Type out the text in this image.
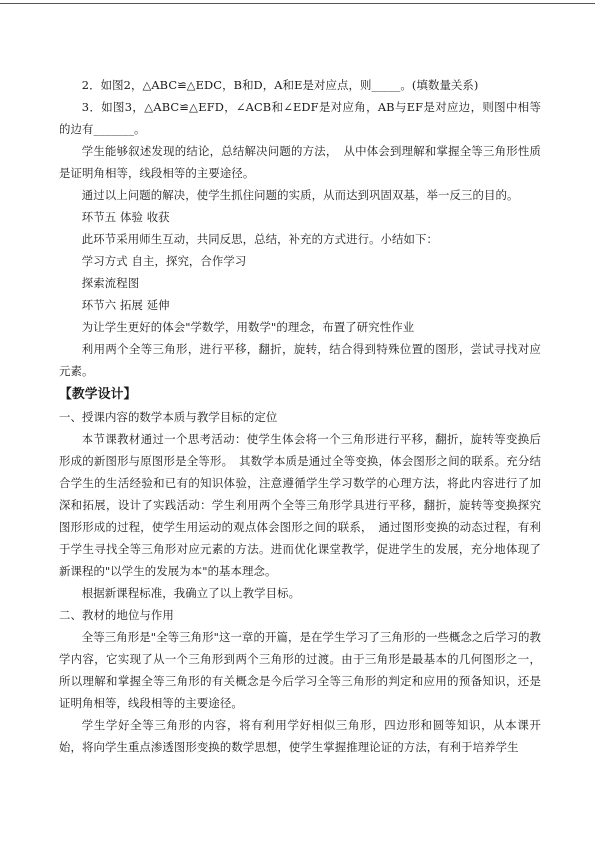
2．如图2，△ABC≌△EDC，B和D，A和E是对应点，则_____。(填数量关系)

3．如图3，△ABC≌△EFD，∠ACB和∠EDF是对应角，AB与EF是对应边，则图中相等的边有_______。

学生能够叙述发现的结论，总结解决问题的方法，　从中体会到理解和掌握全等三角形性质是证明角相等，线段相等的主要途径。

通过以上问题的解决，使学生抓住问题的实质，从而达到巩固双基，举一反三的目的。

环节五 体验 收获

此环节采用师生互动，共同反思，总结，补充的方式进行。小结如下：

学习方式 自主，探究，合作学习

探索流程图

环节六 拓展 延伸

为让学生更好的体会"学数学，用数学"的理念，布置了研究性作业

利用两个全等三角形，进行平移，翻折，旋转，结合得到特殊位置的图形，尝试寻找对应元素。

【教学设计】

一、授课内容的数学本质与教学目标的定位

本节课教材通过一个思考活动：使学生体会将一个三角形进行平移，翻折，旋转等变换后形成的新图形与原图形是全等形。　其数学本质是通过全等变换，体会图形之间的联系。充分结合学生的生活经验和已有的知识体验，注意遵循学生学习数学的心理方法，将此内容进行了加深和拓展，设计了实践活动：学生利用两个全等三角形学具进行平移，翻折，旋转等变换探究图形形成的过程，使学生用运动的观点体会图形之间的联系，　通过图形变换的动态过程，有利于学生寻找全等三角形对应元素的方法。进而优化课堂教学，促进学生的发展，充分地体现了新课程的"以学生的发展为本"的基本理念。

根据新课程标准，我确立了以上教学目标。

二、教材的地位与作用

全等三角形是"全等三角形"这一章的开篇，是在学生学习了三角形的一些概念之后学习的教学内容，它实现了从一个三角形到两个三角形的过渡。由于三角形是最基本的几何图形之一，所以理解和掌握全等三角形的有关概念是今后学习全等三角形的判定和应用的预备知识，还是证明角相等，线段相等的主要途径。

学生学好全等三角形的内容，将有利用学好相似三角形，四边形和圆等知识，从本课开始，将向学生重点渗透图形变换的数学思想，使学生掌握推理论证的方法，有利于培养学生
